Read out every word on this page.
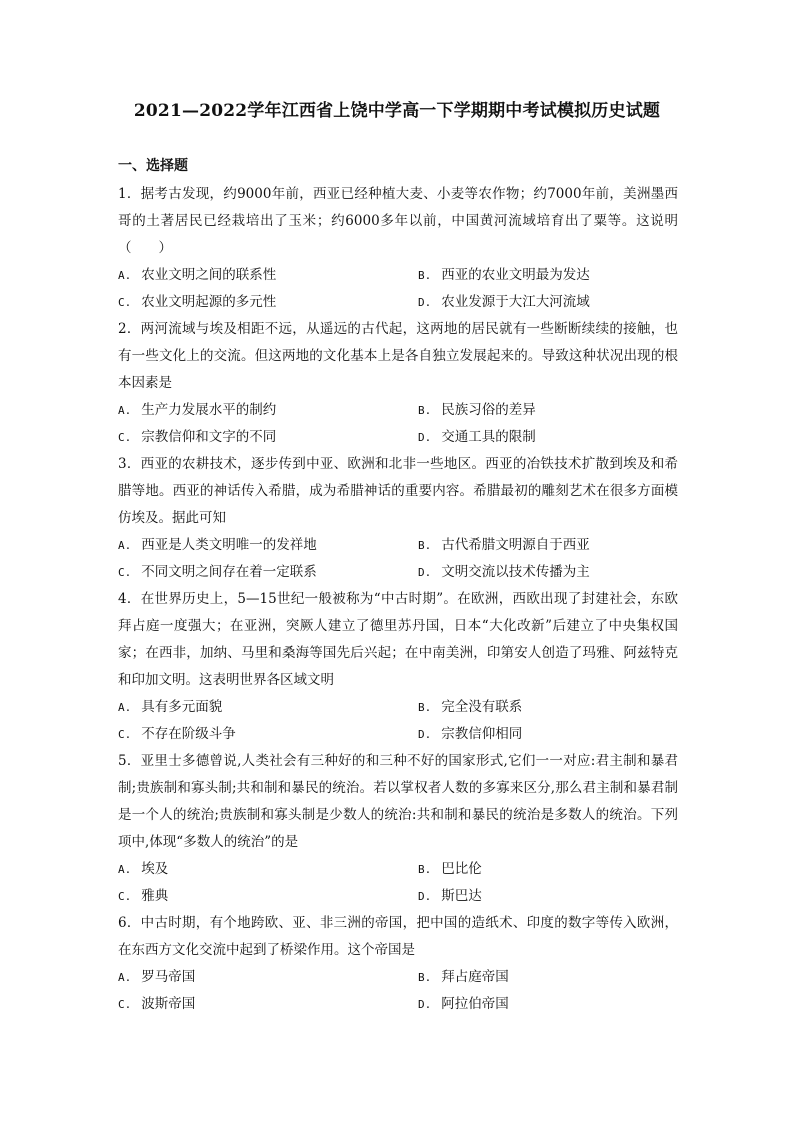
2021—2022学年江西省上饶中学高一下学期期中考试模拟历史试题
一、选择题

1．据考古发现，约9000年前，西亚已经种植大麦、小麦等农作物；约7000年前，美洲墨西哥的土著居民已经栽培出了玉米；约6000多年以前，中国黄河流域培育出了粟等。这说明（　　）

A. 农业文明之间的联系性	B. 西亚的农业文明最为发达
C. 农业文明起源的多元性	D. 农业发源于大江大河流域

2．两河流域与埃及相距不远，从遥远的古代起，这两地的居民就有一些断断续续的接触，也有一些文化上的交流。但这两地的文化基本上是各自独立发展起来的。导致这种状况出现的根本因素是

A. 生产力发展水平的制约	B. 民族习俗的差异
C. 宗教信仰和文字的不同	D. 交通工具的限制

3．西亚的农耕技术，逐步传到中亚、欧洲和北非一些地区。西亚的冶铁技术扩散到埃及和希腊等地。西亚的神话传入希腊，成为希腊神话的重要内容。希腊最初的雕刻艺术在很多方面模仿埃及。据此可知

A. 西亚是人类文明唯一的发祥地	B. 古代希腊文明源自于西亚
C. 不同文明之间存在着一定联系	D. 文明交流以技术传播为主

4．在世界历史上，5—15世纪一般被称为“中古时期”。在欧洲，西欧出现了封建社会，东欧拜占庭一度强大；在亚洲，突厥人建立了德里苏丹国，日本“大化改新”后建立了中央集权国家；在西非，加纳、马里和桑海等国先后兴起；在中南美洲，印第安人创造了玛雅、阿兹特克和印加文明。这表明世界各区域文明

A. 具有多元面貌	B. 完全没有联系
C. 不存在阶级斗争	D. 宗教信仰相同

5．亚里士多德曾说,人类社会有三种好的和三种不好的国家形式,它们一一对应:君主制和暴君制;贵族制和寡头制;共和制和暴民的统治。若以掌权者人数的多寡来区分,那么君主制和暴君制是一个人的统治;贵族制和寡头制是少数人的统治:共和制和暴民的统治是多数人的统治。下列项中,体现“多数人的统治”的是

A. 埃及	B. 巴比伦
C. 雅典	D. 斯巴达

6．中古时期，有个地跨欧、亚、非三洲的帝国，把中国的造纸术、印度的数字等传入欧洲，在东西方文化交流中起到了桥梁作用。这个帝国是

A. 罗马帝国	B. 拜占庭帝国
C. 波斯帝国	D. 阿拉伯帝国
